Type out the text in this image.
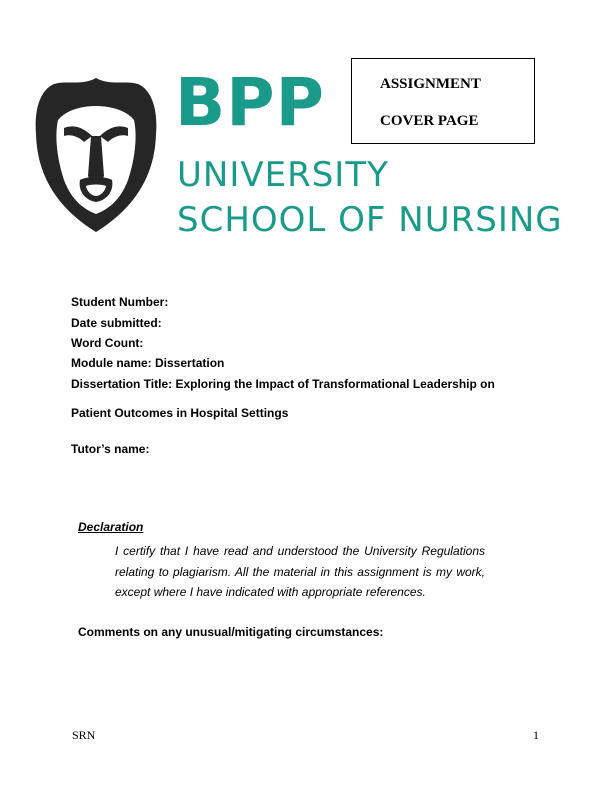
BPP
UNIVERSITY
SCHOOL OF NURSING
ASSIGNMENT
COVER PAGE
Student Number:
Date submitted:
Word Count:
Module name: Dissertation
Dissertation Title: Exploring the Impact of Transformational Leadership on
Patient Outcomes in Hospital Settings
Tutor’s name:
Declaration
I certify that I have read and understood the University Regulations relating to plagiarism. All the material in this assignment is my work, except where I have indicated with appropriate references.
Comments on any unusual/mitigating circumstances:
SRN	1
